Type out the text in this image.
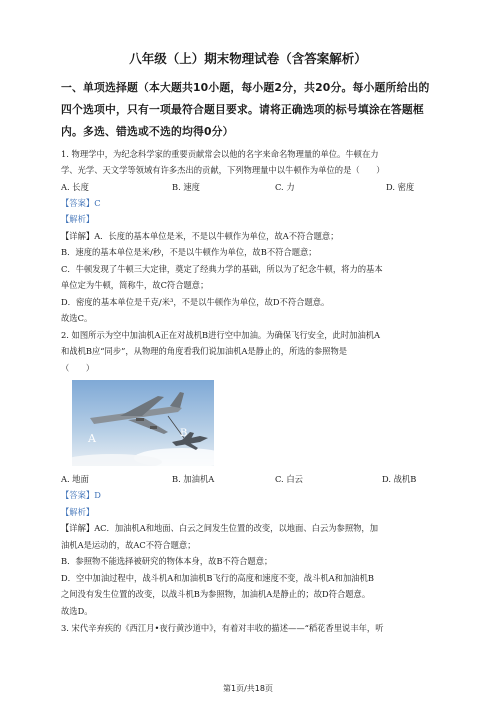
八年级（上）期末物理试卷（含答案解析）
一、单项选择题（本大题共10小题，每小题2分，共20分。每小题所给出的
四个选项中，只有一项最符合题目要求。请将正确选项的标号填涂在答题框
内。多选、错选或不选的均得0分）
1. 物理学中，为纪念科学家的重要贡献常会以他的名字来命名物理量的单位。牛顿在力
学、光学、天文学等领域有许多杰出的贡献，下列物理量中以牛顿作为单位的是（　　）
A. 长度	B. 速度	C. 力	D. 密度
【答案】C
【解析】
【详解】A．长度的基本单位是米，不是以牛顿作为单位，故A不符合题意；
B．速度的基本单位是米/秒，不是以牛顿作为单位，故B不符合题意；
C．牛顿发现了牛顿三大定律，奠定了经典力学的基础，所以为了纪念牛顿，将力的基本
单位定为牛顿，简称牛，故C符合题意；
D．密度的基本单位是千克/米³，不是以牛顿作为单位，故D不符合题意。
故选C。
2. 如图所示为空中加油机A正在对战机B进行空中加油。为确保飞行安全，此时加油机A
和战机B应“同步”，从物理的角度看我们说加油机A是静止的，所选的参照物是
（　　）
A	B
A. 地面	B. 加油机A	C. 白云	D. 战机B
【答案】D
【解析】
【详解】AC．加油机A和地面、白云之间发生位置的改变，以地面、白云为参照物，加
油机A是运动的，故AC不符合题意；
B．参照物不能选择被研究的物体本身，故B不符合题意；
D．空中加油过程中，战斗机A和加油机B飞行的高度和速度不变，战斗机A和加油机B
之间没有发生位置的改变，以战斗机B为参照物，加油机A是静止的；故D符合题意。
故选D。
3. 宋代辛弃疾的《西江月•夜行黄沙道中》，有着对丰收的描述——“稻花香里说丰年，听
第1页/共18页
